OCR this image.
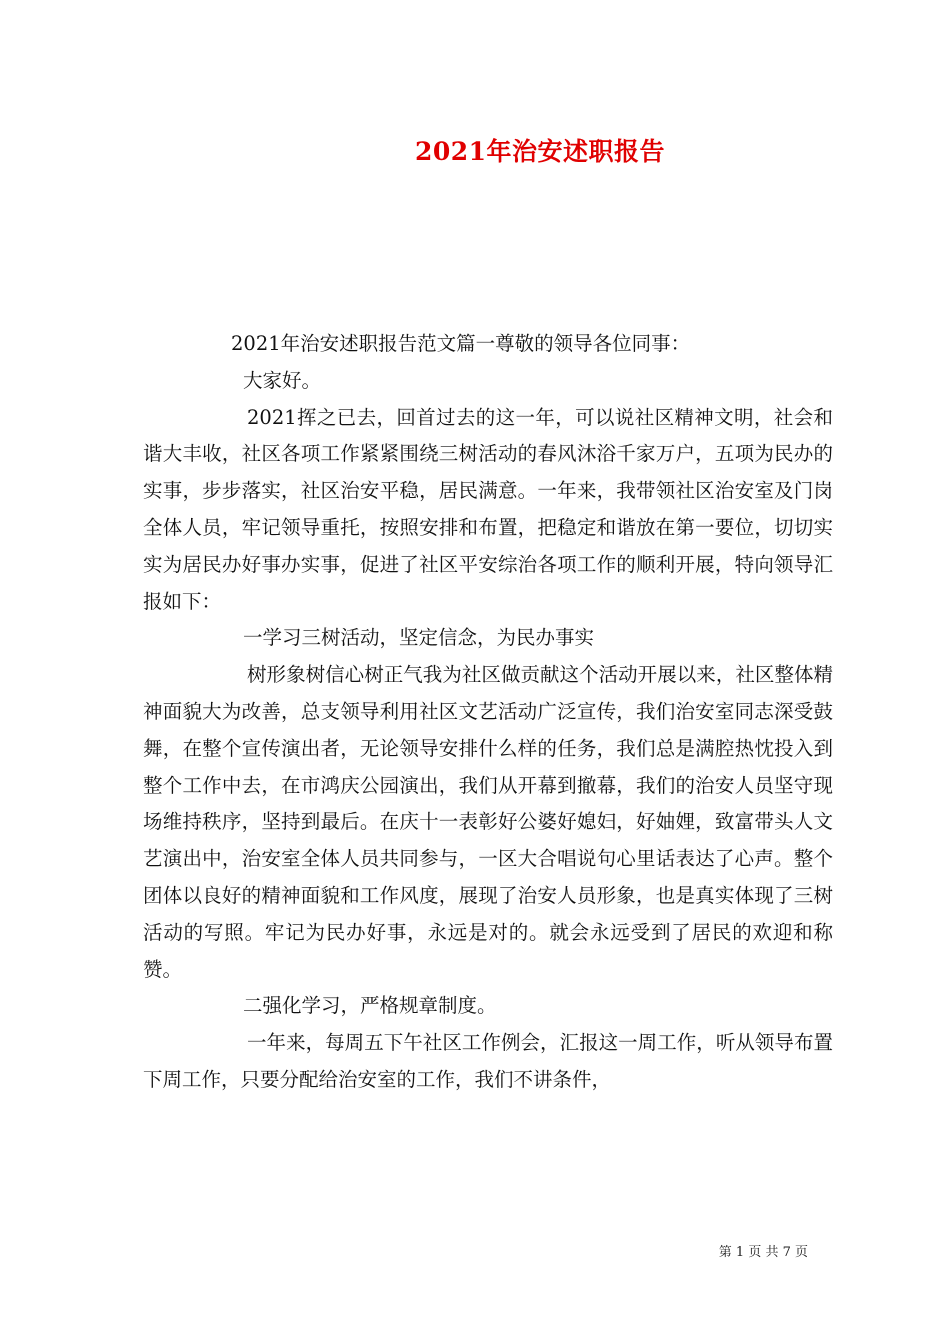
2021年治安述职报告

2021年治安述职报告范文篇一尊敬的领导各位同事：

大家好。

2021挥之已去，回首过去的这一年，可以说社区精神文明，社会和谐大丰收，社区各项工作紧紧围绕三树活动的春风沐浴千家万户，五项为民办的实事，步步落实，社区治安平稳，居民满意。一年来，我带领社区治安室及门岗全体人员，牢记领导重托，按照安排和布置，把稳定和谐放在第一要位，切切实实为居民办好事办实事，促进了社区平安综治各项工作的顺利开展，特向领导汇报如下：

一学习三树活动，坚定信念，为民办事实

树形象树信心树正气我为社区做贡献这个活动开展以来，社区整体精神面貌大为改善，总支领导利用社区文艺活动广泛宣传，我们治安室同志深受鼓舞，在整个宣传演出者，无论领导安排什么样的任务，我们总是满腔热忱投入到整个工作中去，在市鸿庆公园演出，我们从开幕到撤幕，我们的治安人员坚守现场维持秩序，坚持到最后。在庆十一表彰好公婆好媳妇，好妯娌，致富带头人文艺演出中，治安室全体人员共同参与，一区大合唱说句心里话表达了心声。整个团体以良好的精神面貌和工作风度，展现了治安人员形象，也是真实体现了三树活动的写照。牢记为民办好事，永远是对的。就会永远受到了居民的欢迎和称赞。

二强化学习，严格规章制度。

一年来，每周五下午社区工作例会，汇报这一周工作，听从领导布置下周工作，只要分配给治安室的工作，我们不讲条件，

第 1 页 共 7 页
